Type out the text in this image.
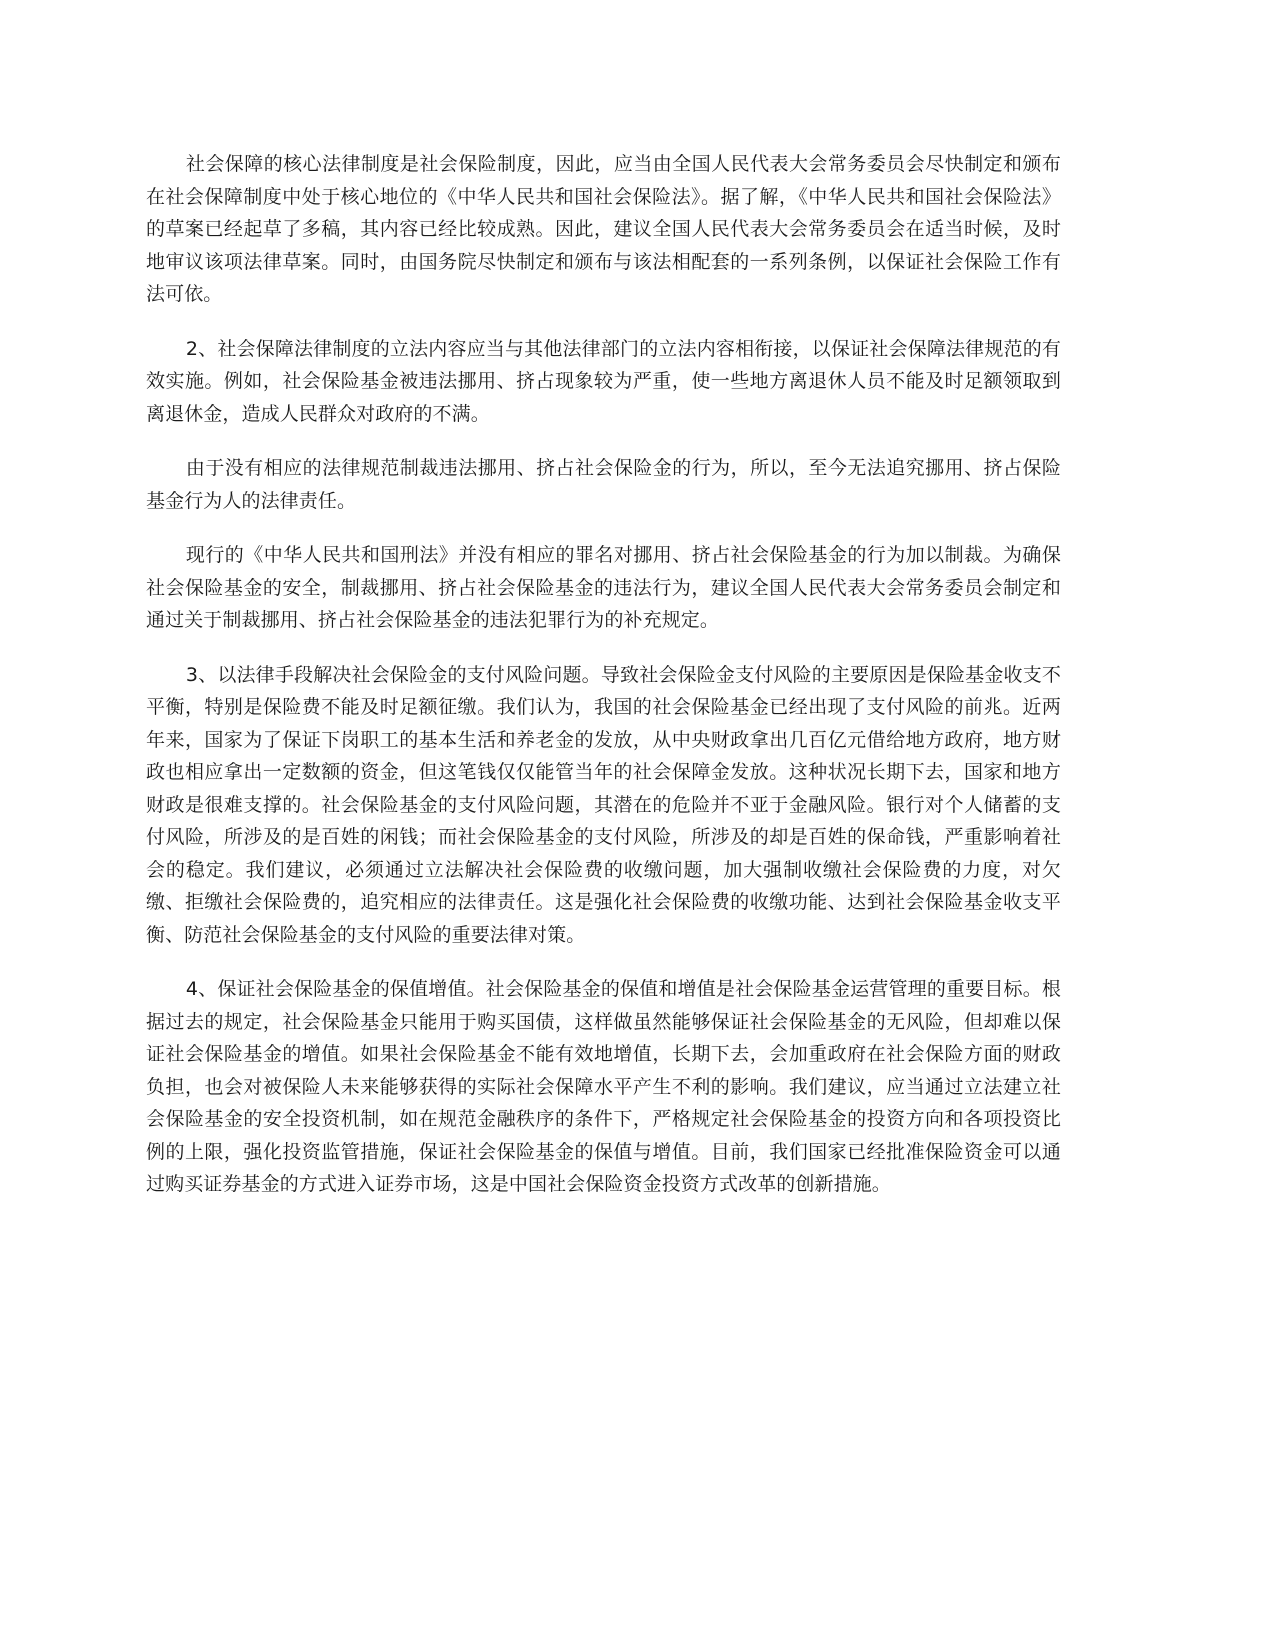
社会保障的核心法律制度是社会保险制度，因此，应当由全国人民代表大会常务委员会尽快制定和颁布在社会保障制度中处于核心地位的《中华人民共和国社会保险法》。据了解，《中华人民共和国社会保险法》的草案已经起草了多稿，其内容已经比较成熟。因此，建议全国人民代表大会常务委员会在适当时候，及时地审议该项法律草案。同时，由国务院尽快制定和颁布与该法相配套的一系列条例，以保证社会保险工作有法可依。

2、社会保障法律制度的立法内容应当与其他法律部门的立法内容相衔接，以保证社会保障法律规范的有效实施。例如，社会保险基金被违法挪用、挤占现象较为严重，使一些地方离退休人员不能及时足额领取到离退休金，造成人民群众对政府的不满。

由于没有相应的法律规范制裁违法挪用、挤占社会保险金的行为，所以，至今无法追究挪用、挤占保险基金行为人的法律责任。

现行的《中华人民共和国刑法》并没有相应的罪名对挪用、挤占社会保险基金的行为加以制裁。为确保社会保险基金的安全，制裁挪用、挤占社会保险基金的违法行为，建议全国人民代表大会常务委员会制定和通过关于制裁挪用、挤占社会保险基金的违法犯罪行为的补充规定。

3、以法律手段解决社会保险金的支付风险问题。导致社会保险金支付风险的主要原因是保险基金收支不平衡，特别是保险费不能及时足额征缴。我们认为，我国的社会保险基金已经出现了支付风险的前兆。近两年来，国家为了保证下岗职工的基本生活和养老金的发放，从中央财政拿出几百亿元借给地方政府，地方财政也相应拿出一定数额的资金，但这笔钱仅仅能管当年的社会保障金发放。这种状况长期下去，国家和地方财政是很难支撑的。社会保险基金的支付风险问题，其潜在的危险并不亚于金融风险。银行对个人储蓄的支付风险，所涉及的是百姓的闲钱；而社会保险基金的支付风险，所涉及的却是百姓的保命钱，严重影响着社会的稳定。我们建议，必须通过立法解决社会保险费的收缴问题，加大强制收缴社会保险费的力度，对欠缴、拒缴社会保险费的，追究相应的法律责任。这是强化社会保险费的收缴功能、达到社会保险基金收支平衡、防范社会保险基金的支付风险的重要法律对策。

4、保证社会保险基金的保值增值。社会保险基金的保值和增值是社会保险基金运营管理的重要目标。根据过去的规定，社会保险基金只能用于购买国债，这样做虽然能够保证社会保险基金的无风险，但却难以保证社会保险基金的增值。如果社会保险基金不能有效地增值，长期下去，会加重政府在社会保险方面的财政负担，也会对被保险人未来能够获得的实际社会保障水平产生不利的影响。我们建议，应当通过立法建立社会保险基金的安全投资机制，如在规范金融秩序的条件下，严格规定社会保险基金的投资方向和各项投资比例的上限，强化投资监管措施，保证社会保险基金的保值与增值。目前，我们国家已经批准保险资金可以通过购买证券基金的方式进入证券市场，这是中国社会保险资金投资方式改革的创新措施。
